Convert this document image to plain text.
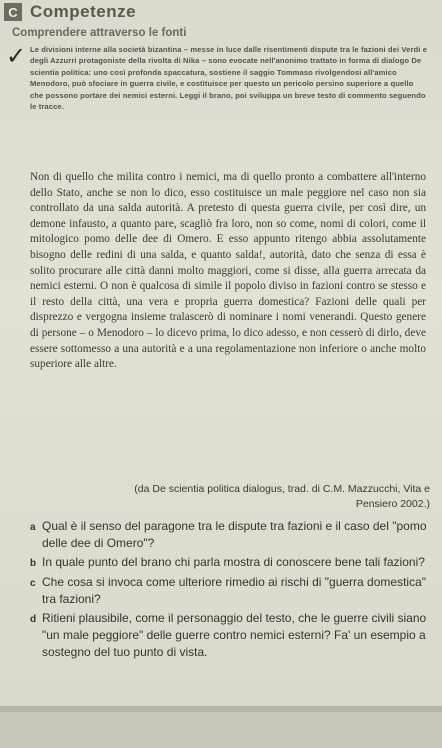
C Competenze
Comprendere attraverso le fonti
✓ Le divisioni interne alla società bizantina – messe in luce dalle risentimenti dispute tra le fazioni dei Verdi e degli Azzurri protagoniste della rivolta di Nika – sono evocate nell'anonimo trattato in forma di dialogo De scientia politica: uno così profonda spaccatura, sostiene il saggio Tommaso rivolgendosi all'amico Menodoro, può sfociare in guerra civile, e costituisce per questo un pericolo persino superiore a quello che possono portare dei nemici esterni. Leggi il brano, poi sviluppa un breve testo di commento seguendo le tracce.
Non di quello che milita contro i nemici, ma di quello pronto a combattere all'interno dello Stato, anche se non lo dico, esso costituisce un male peggiore nel caso non sia controllato da una salda autorità. A pretesto di questa guerra civile, per così dire, un demone infausto, a quanto pare, scagliò fra loro, non so come, nomi di colori, come il mitologico pomo delle dee di Omero. E esso appunto ritengo abbia assolutamente bisogno delle redini di una salda, e quanto salda!, autorità, dato che senza di essa è solito procurare alle città danni molto maggiori, come si disse, alla guerra arrecata da nemici esterni. O non è qualcosa di simile il popolo diviso in fazioni contro se stesso e il resto della città, una vera e propria guerra domestica? Fazioni delle quali per disprezzo e vergogna insieme tralascerò di nominare i nomi venerandi. Questo genere di persone – o Menodoro – lo dicevo prima, lo dico adesso, e non cesserò di dirlo, deve essere sottomesso a una autorità e a una regolamentazione non inferiore o anche molto superiore alle altre.
(da De scientia politica dialogus, trad. di C.M. Mazzucchi, Vita e Pensiero 2002.)
a Qual è il senso del paragone tra le dispute tra fazioni e il caso del "pomo delle dee di Omero"?
b In quale punto del brano chi parla mostra di conoscere bene tali fazioni?
c Che cosa si invoca come ulteriore rimedio ai rischi di "guerra domestica" tra fazioni?
d Ritieni plausibile, come il personaggio del testo, che le guerre civili siano "un male peggiore" delle guerre contro nemici esterni? Fa' un esempio a sostegno del tuo punto di vista.
